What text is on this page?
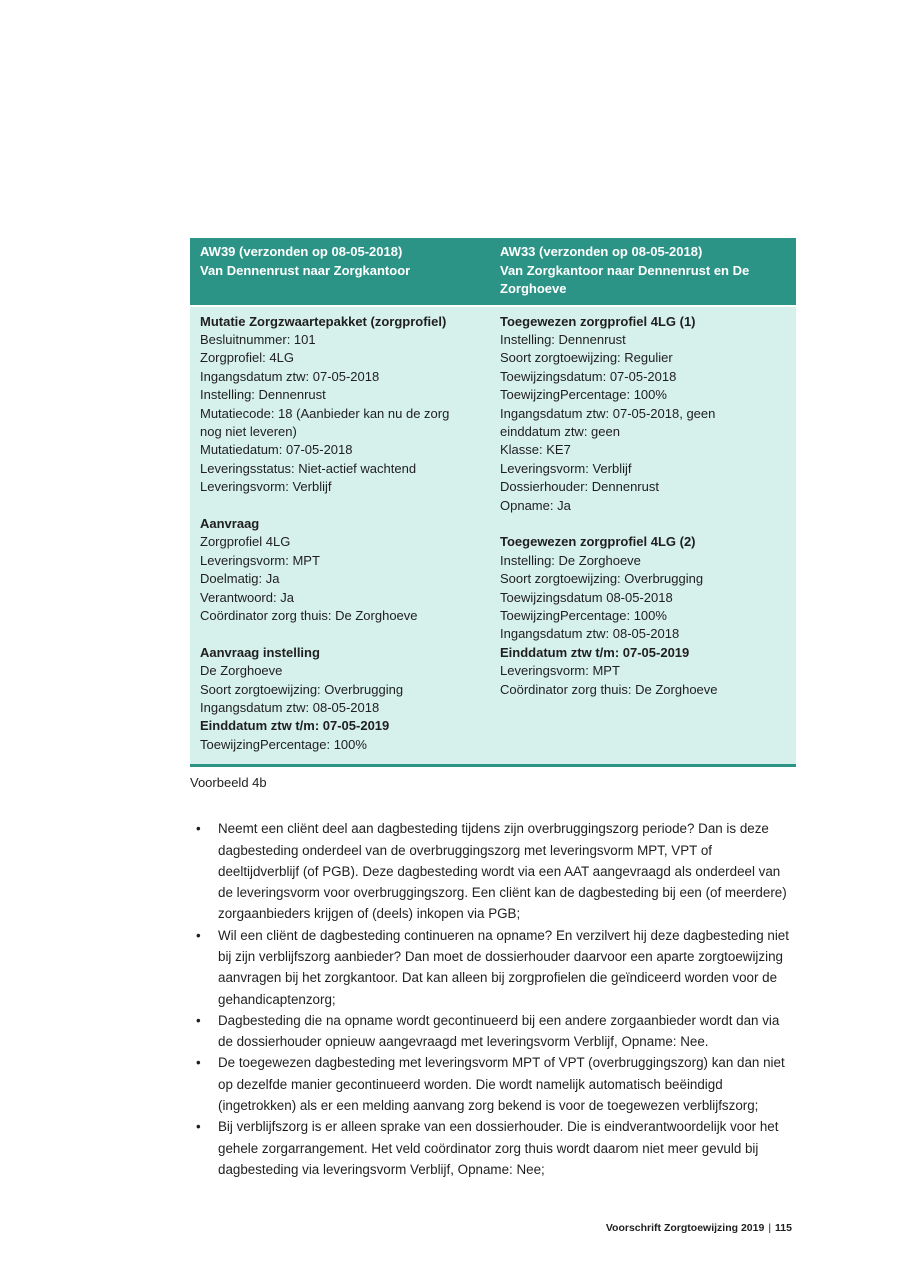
AW39 (verzonden op 08-05-2018)
Van Dennenrust naar Zorgkantoor
AW33 (verzonden op 08-05-2018)
Van Zorgkantoor naar Dennenrust en De Zorghoeve
Mutatie Zorgzwaartepakket (zorgprofiel)
Besluitnummer: 101
Zorgprofiel: 4LG
Ingangsdatum ztw: 07-05-2018
Instelling: Dennenrust
Mutatiecode: 18 (Aanbieder kan nu de zorg
nog niet leveren)
Mutatiedatum: 07-05-2018
Leveringsstatus: Niet-actief wachtend
Leveringsvorm: Verblijf
Aanvraag
Zorgprofiel 4LG
Leveringsvorm: MPT
Doelmatig: Ja
Verantwoord: Ja
Coördinator zorg thuis: De Zorghoeve
Aanvraag instelling
De Zorghoeve
Soort zorgtoewijzing: Overbrugging
Ingangsdatum ztw: 08-05-2018
Einddatum ztw t/m: 07-05-2019
ToewijzingPercentage: 100%
Toegewezen zorgprofiel 4LG (1)
Instelling: Dennenrust
Soort zorgtoewijzing: Regulier
Toewijzingsdatum: 07-05-2018
ToewijzingPercentage: 100%
Ingangsdatum ztw: 07-05-2018, geen
einddatum ztw: geen
Klasse: KE7
Leveringsvorm: Verblijf
Dossierhouder: Dennenrust
Opname: Ja
Toegewezen zorgprofiel 4LG (2)
Instelling: De Zorghoeve
Soort zorgtoewijzing: Overbrugging
Toewijzingsdatum 08-05-2018
ToewijzingPercentage: 100%
Ingangsdatum ztw: 08-05-2018
Einddatum ztw t/m: 07-05-2019
Leveringsvorm: MPT
Coördinator zorg thuis: De Zorghoeve
Voorbeeld 4b
• Neemt een cliënt deel aan dagbesteding tijdens zijn overbruggingszorg periode? Dan is deze dagbesteding onderdeel van de overbruggingszorg met leveringsvorm MPT, VPT of deeltijdverblijf (of PGB). Deze dagbesteding wordt via een AAT aangevraagd als onderdeel van de leveringsvorm voor overbruggingszorg. Een cliënt kan de dagbesteding bij een (of meerdere) zorgaanbieders krijgen of (deels) inkopen via PGB;
• Wil een cliënt de dagbesteding continueren na opname? En verzilvert hij deze dagbesteding niet bij zijn verblijfszorg aanbieder? Dan moet de dossierhouder daarvoor een aparte zorgtoewijzing aanvragen bij het zorgkantoor. Dat kan alleen bij zorgprofielen die geïndiceerd worden voor de gehandicaptenzorg;
• Dagbesteding die na opname wordt gecontinueerd bij een andere zorgaanbieder wordt dan via de dossierhouder opnieuw aangevraagd met leveringsvorm Verblijf, Opname: Nee.
• De toegewezen dagbesteding met leveringsvorm MPT of VPT (overbruggingszorg) kan dan niet op dezelfde manier gecontinueerd worden. Die wordt namelijk automatisch beëindigd (ingetrokken) als er een melding aanvang zorg bekend is voor de toegewezen verblijfszorg;
• Bij verblijfszorg is er alleen sprake van een dossierhouder. Die is eindverantwoordelijk voor het gehele zorgarrangement. Het veld coördinator zorg thuis wordt daarom niet meer gevuld bij dagbesteding via leveringsvorm Verblijf, Opname: Nee;
Voorschrift Zorgtoewijzing 2019 | 115
